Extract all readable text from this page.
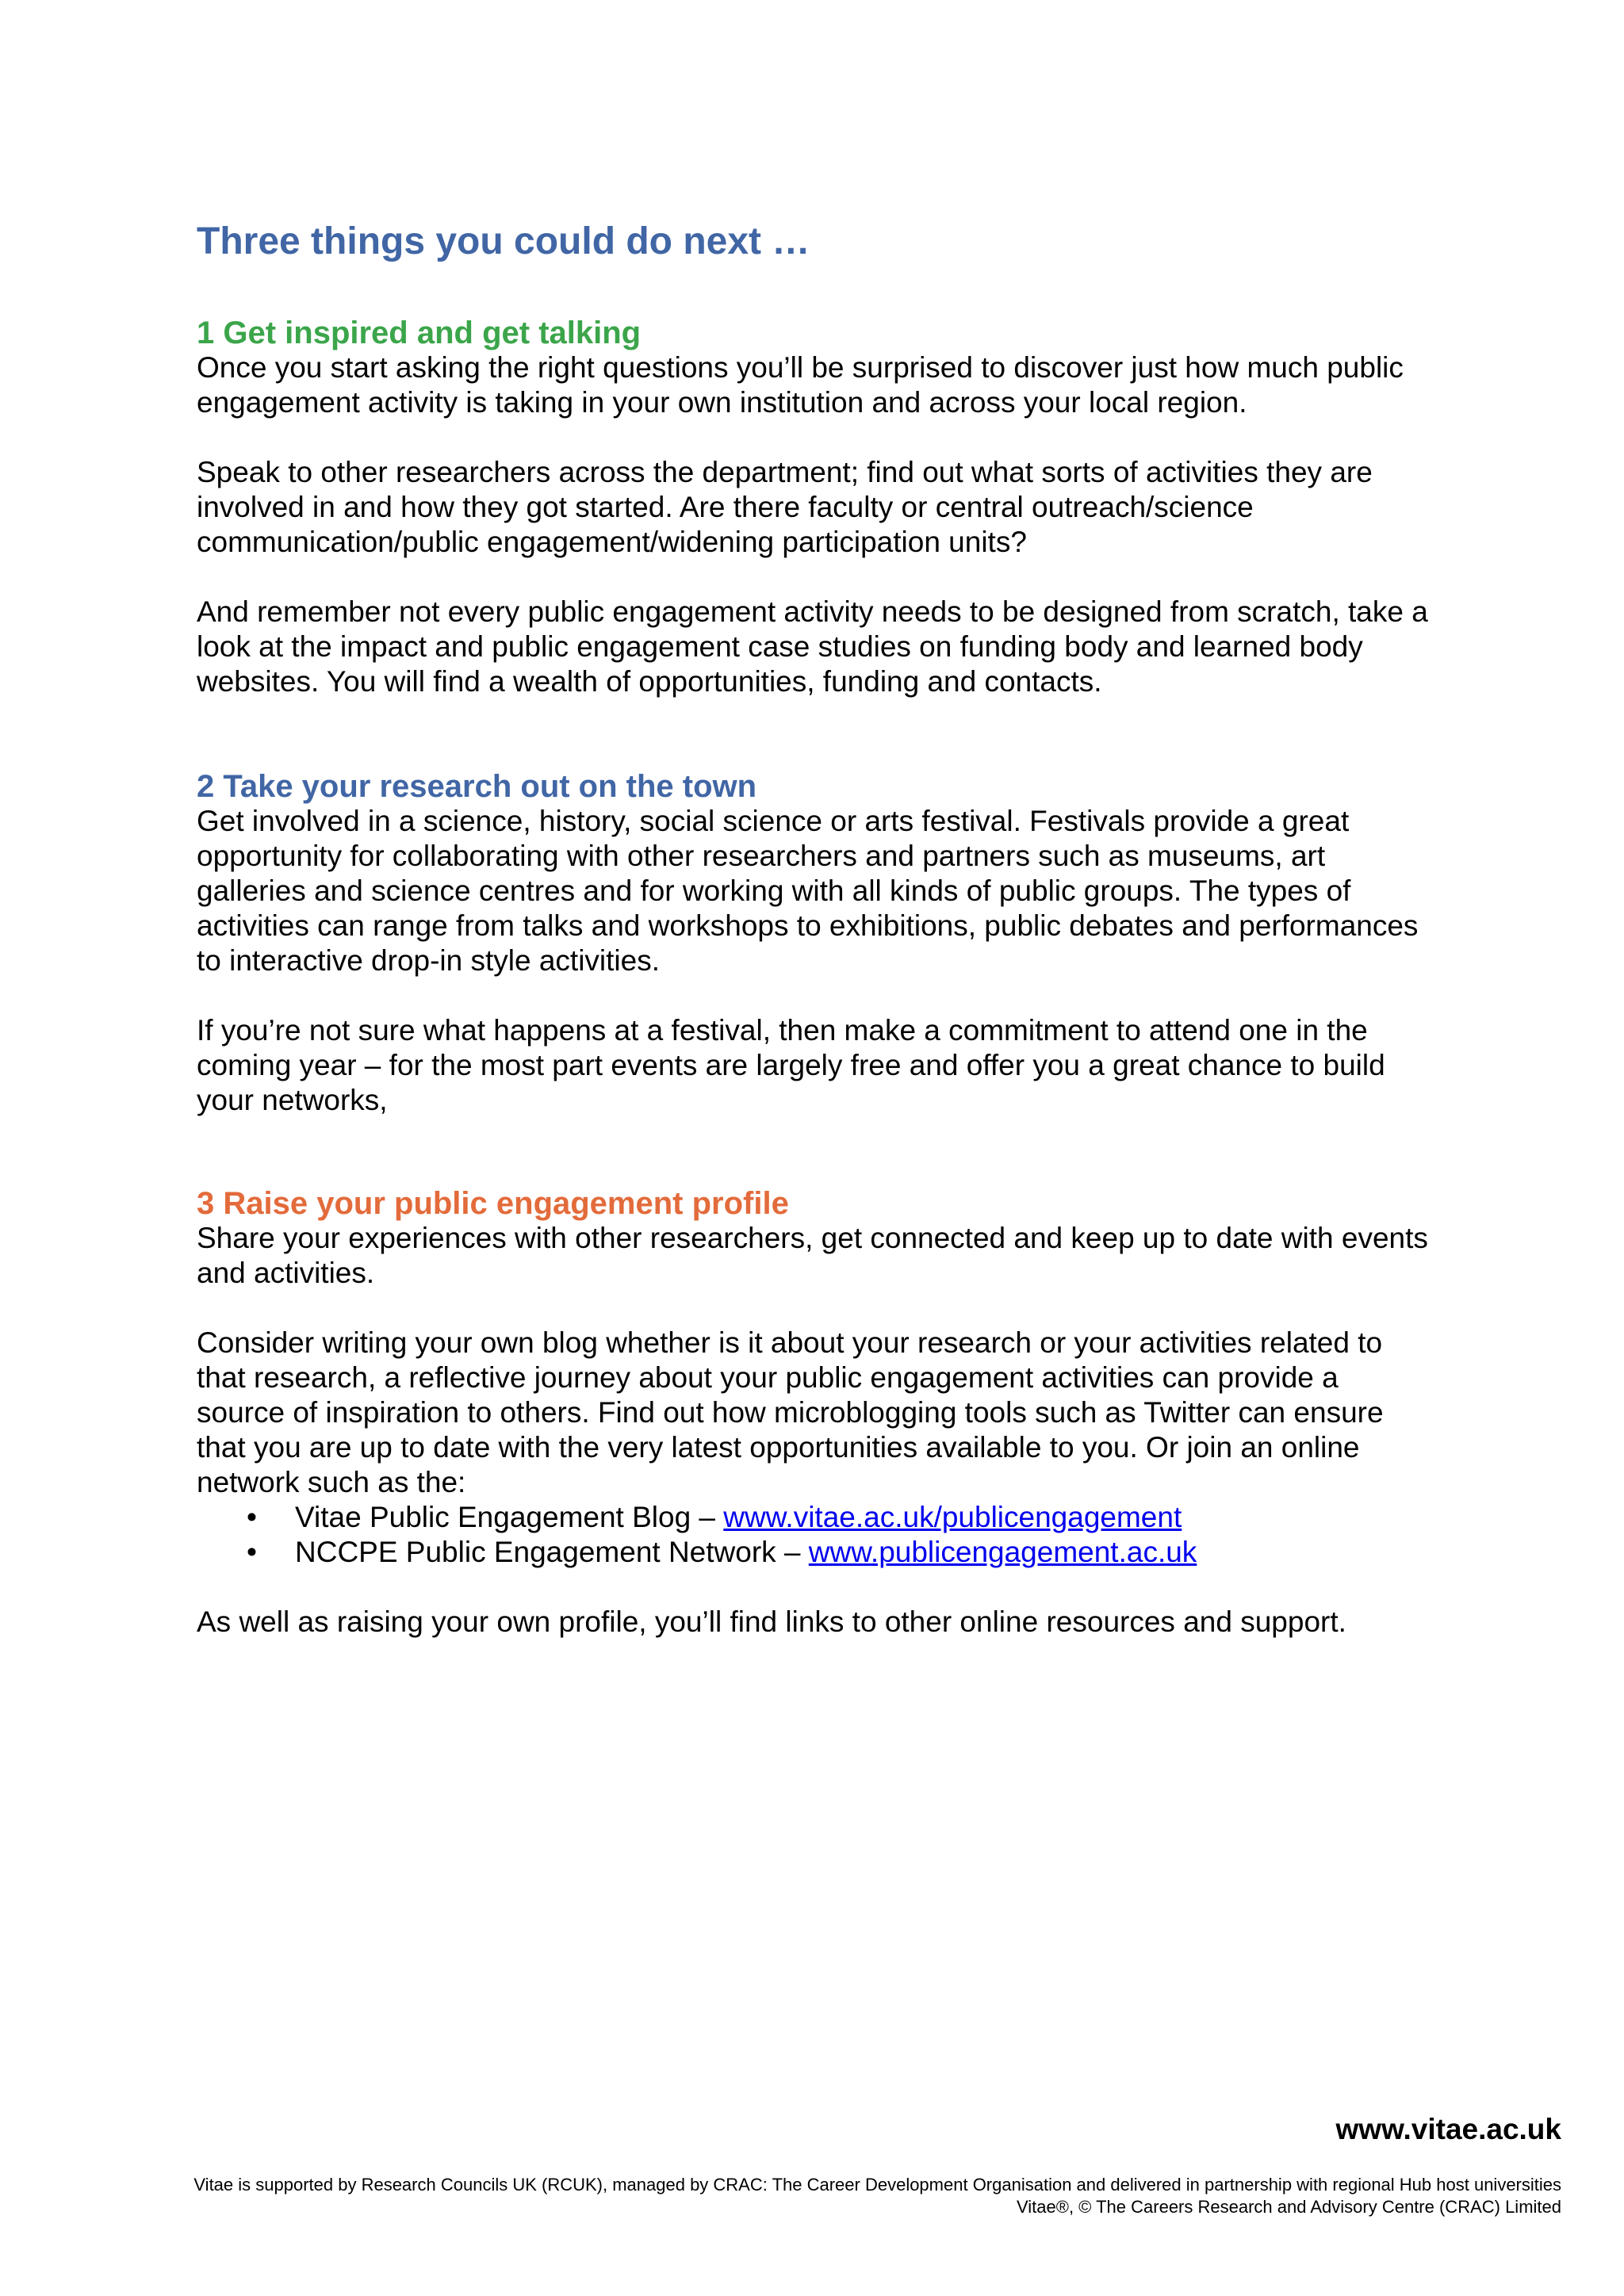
Three things you could do next …
1 Get inspired and get talking

Once you start asking the right questions you’ll be surprised to discover just how much public engagement activity is taking in your own institution and across your local region.

Speak to other researchers across the department; find out what sorts of activities they are involved in and how they got started. Are there faculty or central outreach/science communication/public engagement/widening participation units?

And remember not every public engagement activity needs to be designed from scratch, take a look at the impact and public engagement case studies on funding body and learned body websites. You will find a wealth of opportunities, funding and contacts.

2 Take your research out on the town

Get involved in a science, history, social science or arts festival. Festivals provide a great opportunity for collaborating with other researchers and partners such as museums, art galleries and science centres and for working with all kinds of public groups. The types of activities can range from talks and workshops to exhibitions, public debates and performances to interactive drop-in style activities.

If you’re not sure what happens at a festival, then make a commitment to attend one in the coming year – for the most part events are largely free and offer you a great chance to build your networks,

3 Raise your public engagement profile

Share your experiences with other researchers, get connected and keep up to date with events and activities.

Consider writing your own blog whether is it about your research or your activities related to that research, a reflective journey about your public engagement activities can provide a source of inspiration to others. Find out how microblogging tools such as Twitter can ensure that you are up to date with the very latest opportunities available to you. Or join an online network such as the:

• Vitae Public Engagement Blog – www.vitae.ac.uk/publicengagement
• NCCPE Public Engagement Network – www.publicengagement.ac.uk

As well as raising your own profile, you’ll find links to other online resources and support.

www.vitae.ac.uk
Vitae is supported by Research Councils UK (RCUK), managed by CRAC: The Career Development Organisation and delivered in partnership with regional Hub host universities
Vitae®, © The Careers Research and Advisory Centre (CRAC) Limited
